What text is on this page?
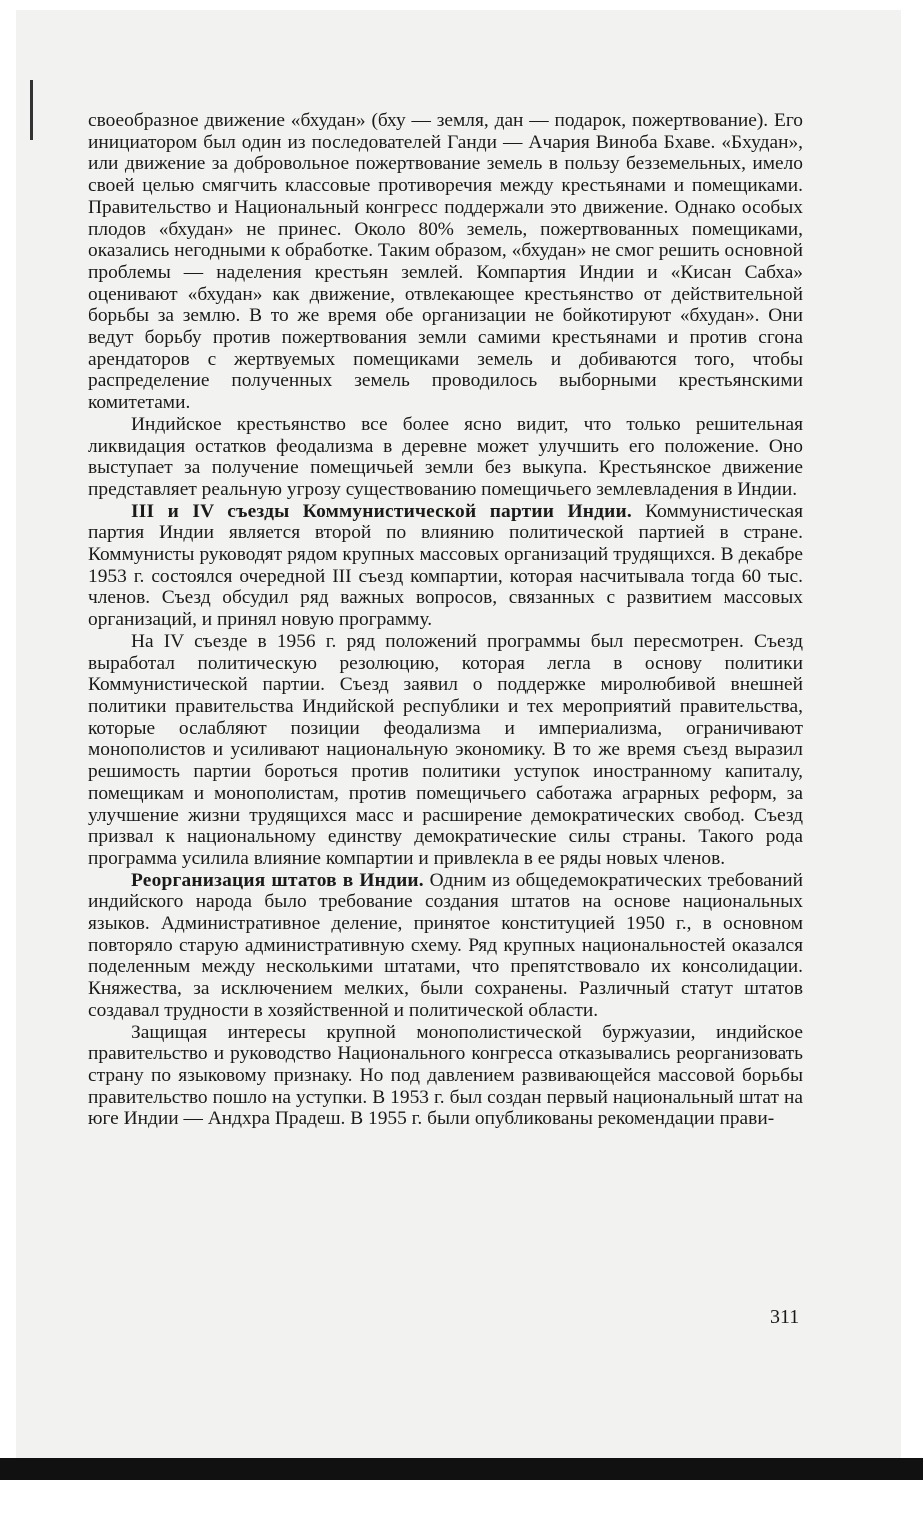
своеобразное движение «бхудан» (бху — земля, дан — подарок, пожертвование). Его инициатором был один из последователей Ганди — Ачария Виноба Бхаве. «Бхудан», или движение за добровольное пожертвование земель в пользу безземельных, имело своей целью смягчить классовые противоречия между крестьянами и помещиками. Правительство и Национальный конгресс поддержали это движение. Однако особых плодов «бхудан» не принес. Около 80% земель, пожертвованных помещиками, оказались негодными к обработке. Таким образом, «бхудан» не смог решить основной проблемы — наделения крестьян землей. Компартия Индии и «Кисан Сабха» оценивают «бхудан» как движение, отвлекающее крестьянство от действительной борьбы за землю. В то же время обе организации не бойкотируют «бхудан». Они ведут борьбу против пожертвования земли самими крестьянами и против сгона арендаторов с жертвуемых помещиками земель и добиваются того, чтобы распределение полученных земель проводилось выборными крестьянскими комитетами.

Индийское крестьянство все более ясно видит, что только решительная ликвидация остатков феодализма в деревне может улучшить его положение. Оно выступает за получение помещичьей земли без выкупа. Крестьянское движение представляет реальную угрозу существованию помещичьего землевладения в Индии.

III и IV съезды Коммунистической партии Индии. Коммунистическая партия Индии является второй по влиянию политической партией в стране. Коммунисты руководят рядом крупных массовых организаций трудящихся. В декабре 1953 г. состоялся очередной III съезд компартии, которая насчитывала тогда 60 тыс. членов. Съезд обсудил ряд важных вопросов, связанных с развитием массовых организаций, и принял новую программу.

На IV съезде в 1956 г. ряд положений программы был пересмотрен. Съезд выработал политическую резолюцию, которая легла в основу политики Коммунистической партии. Съезд заявил о поддержке миролюбивой внешней политики правительства Индийской республики и тех мероприятий правительства, которые ослабляют позиции феодализма и империализма, ограничивают монополистов и усиливают национальную экономику. В то же время съезд выразил решимость партии бороться против политики уступок иностранному капиталу, помещикам и монополистам, против помещичьего саботажа аграрных реформ, за улучшение жизни трудящихся масс и расширение демократических свобод. Съезд призвал к национальному единству демократические силы страны. Такого рода программа усилила влияние компартии и привлекла в ее ряды новых членов.

Реорганизация штатов в Индии. Одним из общедемократических требований индийского народа было требование создания штатов на основе национальных языков. Административное деление, принятое конституцией 1950 г., в основном повторяло старую административную схему. Ряд крупных национальностей оказался поделенным между несколькими штатами, что препятствовало их консолидации. Княжества, за исключением мелких, были сохранены. Различный статут штатов создавал трудности в хозяйственной и политической области.

Защищая интересы крупной монополистической буржуазии, индийское правительство и руководство Национального конгресса отказывались реорганизовать страну по языковому признаку. Но под давлением развивающейся массовой борьбы правительство пошло на уступки. В 1953 г. был создан первый национальный штат на юге Индии — Андхра Прадеш. В 1955 г. были опубликованы рекомендации прави-

311
